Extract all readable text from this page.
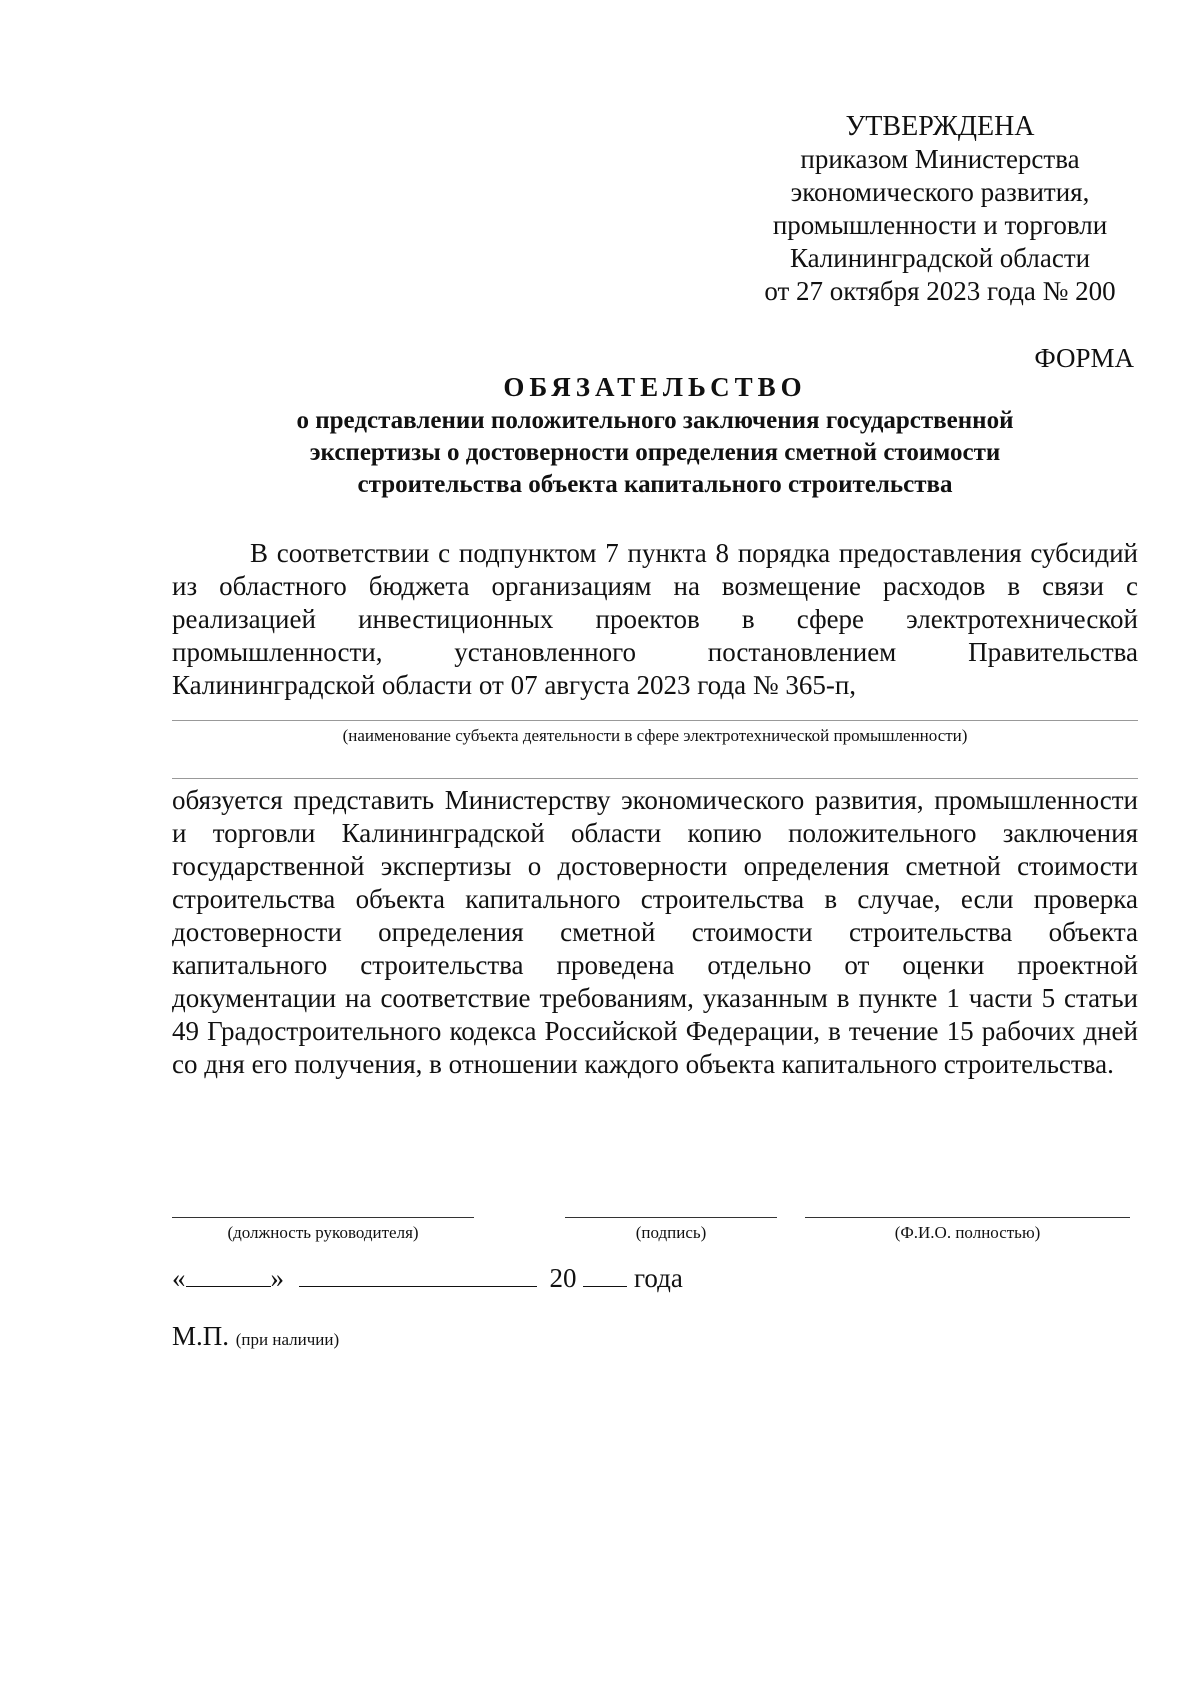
УТВЕРЖДЕНА
приказом Министерства
экономического развития,
промышленности и торговли
Калининградской области
от 27 октября 2023 года № 200
ФОРМА
ОБЯЗАТЕЛЬСТВО
о представлении положительного заключения государственной
экспертизы о достоверности определения сметной стоимости
строительства объекта капитального строительства
В соответствии с подпунктом 7 пункта 8 порядка предоставления субсидий из областного бюджета организациям на возмещение расходов в связи с реализацией инвестиционных проектов в сфере электротехнической промышленности, установленного постановлением Правительства Калининградской области от 07 августа 2023 года № 365-п,
(наименование субъекта деятельности в сфере электротехнической промышленности)
обязуется представить Министерству экономического развития, промышленности и торговли Калининградской области копию положительного заключения государственной экспертизы о достоверности определения сметной стоимости строительства объекта капитального строительства в случае, если проверка достоверности определения сметной стоимости строительства объекта капитального строительства проведена отдельно от оценки проектной документации на соответствие требованиям, указанным в пункте 1 части 5 статьи 49 Градостроительного кодекса Российской Федерации, в течение 15 рабочих дней со дня его получения, в отношении каждого объекта капитального строительства.
(должность руководителя)	(подпись)	(Ф.И.О. полностью)
«	»	20 года
М.П. (при наличии)
